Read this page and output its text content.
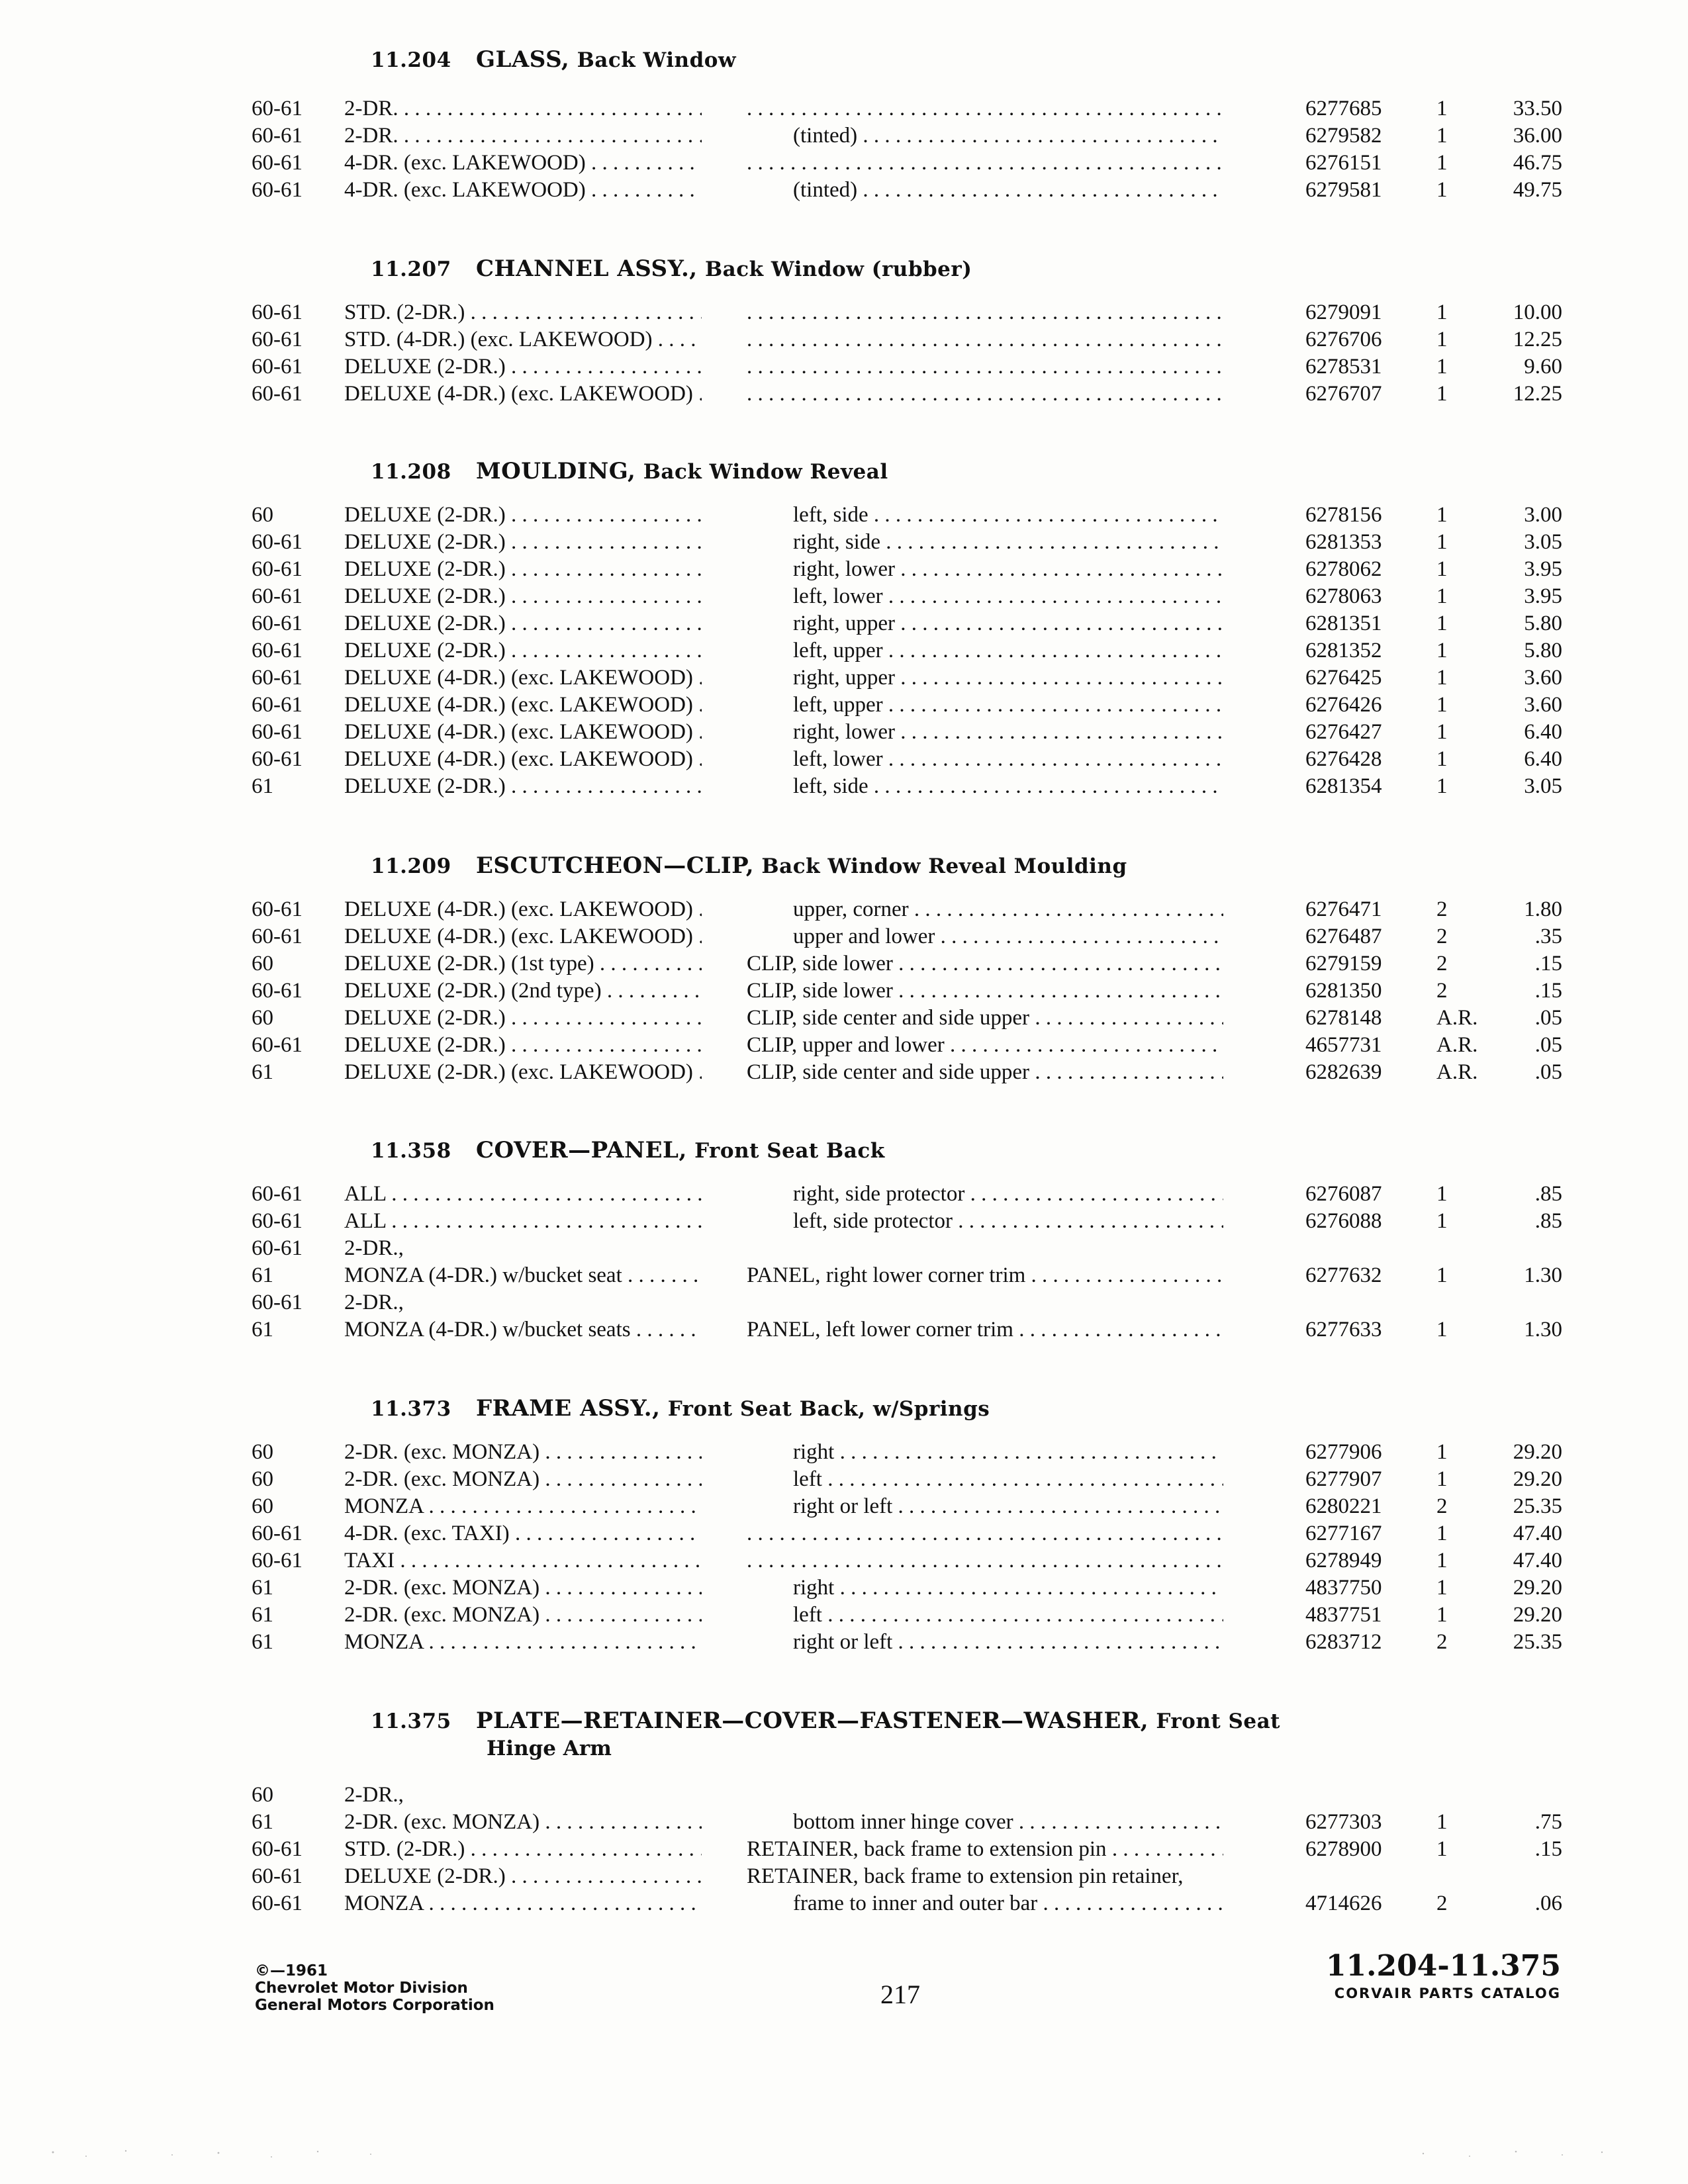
11.204 GLASS, Back Window
60-61	2-DR. . . . . . .	6277685	1	33.50
60-61	2-DR. . . .	(tinted) . . .	6279582	1	36.00
60-61	4-DR. (exc. LAKEWOOD) . . . . . .	6276151	1	46.75
60-61	4-DR. (exc. LAKEWOOD) . . .	(tinted) . . .	6279581	1	49.75
11.207 CHANNEL ASSY., Back Window (rubber)
60-61	STD. (2-DR.) . . . . . .	6279091	1	10.00
60-61	STD. (4-DR.) (exc. LAKEWOOD) . . . . . .	6276706	1	12.25
60-61	DELUXE (2-DR.) . . . . . .	6278531	1	9.60
60-61	DELUXE (4-DR.) (exc. LAKEWOOD) . . . . . .	6276707	1	12.25
11.208 MOULDING, Back Window Reveal
60	DELUXE (2-DR.) . . .	left, side . . .	6278156	1	3.00
60-61	DELUXE (2-DR.) . . .	right, side . . .	6281353	1	3.05
60-61	DELUXE (2-DR.) . . .	right, lower . . .	6278062	1	3.95
60-61	DELUXE (2-DR.) . . .	left, lower . . .	6278063	1	3.95
60-61	DELUXE (2-DR.) . . .	right, upper . . .	6281351	1	5.80
60-61	DELUXE (2-DR.) . . .	left, upper . . .	6281352	1	5.80
60-61	DELUXE (4-DR.) (exc. LAKEWOOD) . . .	right, upper . . .	6276425	1	3.60
60-61	DELUXE (4-DR.) (exc. LAKEWOOD) . . .	left, upper . . .	6276426	1	3.60
60-61	DELUXE (4-DR.) (exc. LAKEWOOD) . . .	right, lower . . .	6276427	1	6.40
60-61	DELUXE (4-DR.) (exc. LAKEWOOD) . . .	left, lower . . .	6276428	1	6.40
61	DELUXE (2-DR.) . . .	left, side . . .	6281354	1	3.05
11.209 ESCUTCHEON—CLIP, Back Window Reveal Moulding
60-61	DELUXE (4-DR.) (exc. LAKEWOOD) . . .	upper, corner . . .	6276471	2	1.80
60-61	DELUXE (4-DR.) (exc. LAKEWOOD) . . .	upper and lower . . .	6276487	2	.35
60	DELUXE (2-DR.) (1st type) . . .	CLIP, side lower . . .	6279159	2	.15
60-61	DELUXE (2-DR.) (2nd type) . . .	CLIP, side lower . . .	6281350	2	.15
60	DELUXE (2-DR.) . . .	CLIP, side center and side upper . . .	6278148	A.R.	.05
60-61	DELUXE (2-DR.) . . .	CLIP, upper and lower . . .	4657731	A.R.	.05
61	DELUXE (2-DR.) (exc. LAKEWOOD) . . .	CLIP, side center and side upper . . .	6282639	A.R.	.05
11.358 COVER—PANEL, Front Seat Back
60-61	ALL . . .	right, side protector . . .	6276087	1	.85
60-61	ALL . . .	left, side protector . . .	6276088	1	.85
60-61	2-DR.,
61	MONZA (4-DR.) w/bucket seat . . .	PANEL, right lower corner trim . . .	6277632	1	1.30
60-61	2-DR.,
61	MONZA (4-DR.) w/bucket seats . . .	PANEL, left lower corner trim . . .	6277633	1	1.30
11.373 FRAME ASSY., Front Seat Back, w/Springs
60	2-DR. (exc. MONZA) . . .	right . . .	6277906	1	29.20
60	2-DR. (exc. MONZA) . . .	left . . .	6277907	1	29.20
60	MONZA . . .	right or left . . .	6280221	2	25.35
60-61	4-DR. (exc. TAXI) . . . . . .	6277167	1	47.40
60-61	TAXI . . . . . .	6278949	1	47.40
61	2-DR. (exc. MONZA) . . .	right . . .	4837750	1	29.20
61	2-DR. (exc. MONZA) . . .	left . . .	4837751	1	29.20
61	MONZA . . .	right or left . . .	6283712	2	25.35
11.375 PLATE—RETAINER—COVER—FASTENER—WASHER, Front Seat
Hinge Arm
60	2-DR.,
61	2-DR. (exc. MONZA) . . .	bottom inner hinge cover . . .	6277303	1	.75
60-61	STD. (2-DR.) . . .	RETAINER, back frame to extension pin . . .	6278900	1	.15
60-61	DELUXE (2-DR.) . . .	RETAINER, back frame to extension pin retainer,
60-61	MONZA . . .	frame to inner and outer bar . . .	4714626	2	.06
©—1961
Chevrolet Motor Division
General Motors Corporation	217
11.204-11.375
CORVAIR PARTS CATALOG
